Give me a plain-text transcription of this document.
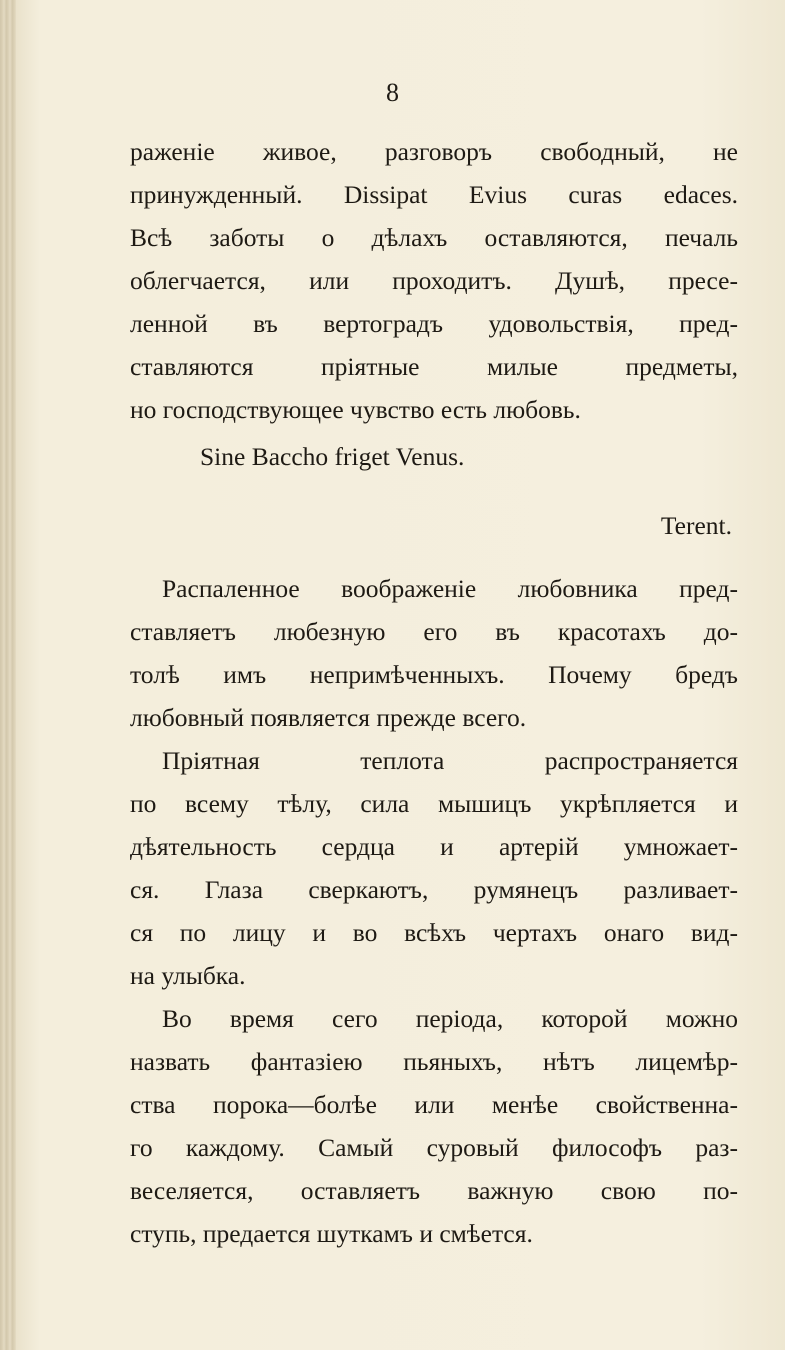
8
раженіе живое, разговоръ свободный, не
принужденный. Dissipat Evius curas edaces.
Всѣ заботы о дѣлахъ оставляются, печаль
облегчается, или проходитъ. Душѣ, пресе-
ленной въ вертоградъ удовольствія, пред-
ставляются пріятные милые предметы,
но господствующее чувство есть любовь.
Sine Baccho friget Venus.
Terent.
Распаленное воображеніе любовника пред-
ставляетъ любезную его въ красотахъ до-
толѣ имъ непримѣченныхъ. Почему бредъ
любовный появляется прежде всего.
Пріятная теплота распространяется
по всему тѣлу, сила мышицъ укрѣпляется и
дѣятельность сердца и артерій умножает-
ся. Глаза сверкаютъ, румянецъ разливает-
ся по лицу и во всѣхъ чертахъ онаго вид-
на улыбка.
Во время сего періода, которой можно
назвать фантазіею пьяныхъ, нѣтъ лицемѣр-
ства порока—болѣе или менѣе свойственна-
го каждому. Самый суровый философъ раз-
веселяется, оставляетъ важную свою по-
ступь, предается шуткамъ и смѣется.
